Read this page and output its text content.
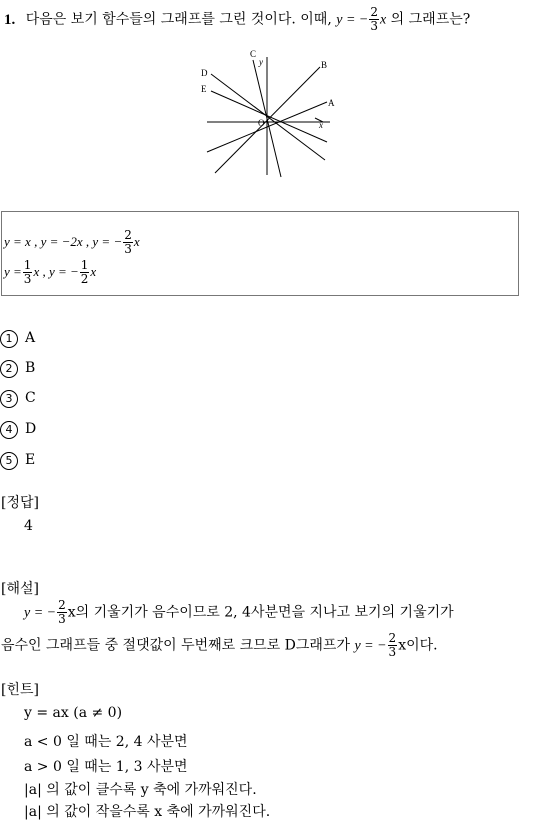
1. 다음은 보기 함수들의 그래프를 그린 것이다. 이때, y = − $\frac{2}{3}$ x 의 그래프는?
A
B
C
D
E
O	x
y
y = x , y = −2x , y = − $\frac{2}{3}$ x
$y = \frac{1}{3}$ x , y = − $\frac{1}{2}$ x
1 A
2 B
3 C
4 D
5 E
[정답]
4
[해설]
y = − $\frac{2}{3}$ x의 기울기가 음수이므로 2, 4사분면을 지나고 보기의 기울기가
음수인 그래프들 중 절댓값이 두번째로 크므로 D그래프가 y = − $\frac{2}{3}$ x이다.
[힌트]
y = ax (a ≠ 0)
a < 0 일 때는 2, 4 사분면
a > 0 일 때는 1, 3 사분면
|a| 의 값이 클수록 y 축에 가까워진다.
|a| 의 값이 작을수록 x 축에 가까워진다.
